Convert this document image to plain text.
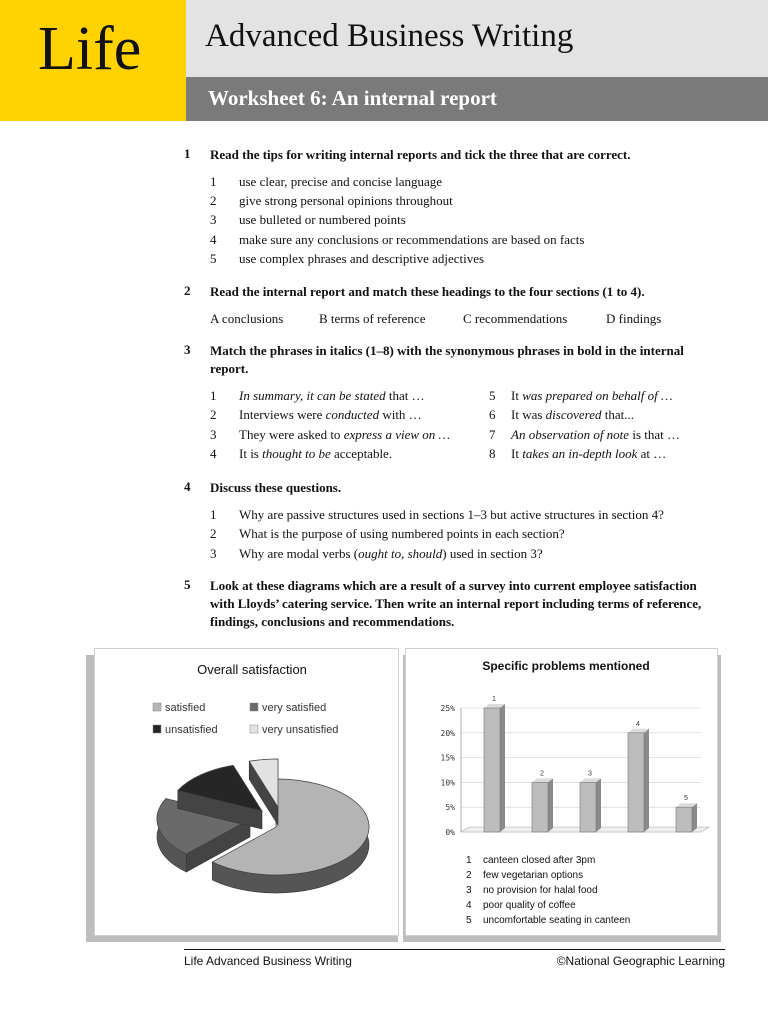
Life Advanced Business Writing
Worksheet 6: An internal report
1 Read the tips for writing internal reports and tick the three that are correct.
1 use clear, precise and concise language
2 give strong personal opinions throughout
3 use bulleted or numbered points
4 make sure any conclusions or recommendations are based on facts
5 use complex phrases and descriptive adjectives
2 Read the internal report and match these headings to the four sections (1 to 4).
A conclusions	B terms of reference	C recommendations	D findings
3 Match the phrases in italics (1–8) with the synonymous phrases in bold in the internal report.
1 In summary, it can be stated that …
2 Interviews were conducted with …
3 They were asked to express a view on …
4 It is thought to be acceptable.
5 It was prepared on behalf of …
6 It was discovered that...
7 An observation of note is that …
8 It takes an in-depth look at …
4 Discuss these questions.
1 Why are passive structures used in sections 1–3 but active structures in section 4?
2 What is the purpose of using numbered points in each section?
3 Why are modal verbs (ought to, should) used in section 3?
5 Look at these diagrams which are a result of a survey into current employee satisfaction with Lloyds’ catering service. Then write an internal report including terms of reference, findings, conclusions and recommendations.
Overall satisfaction
satisfied	very satisfied
unsatisfied	very unsatisfied
Specific problems mentioned
0%
5%
10%
15%
20%
25%
1
2	3
4
5
1 canteen closed after 3pm
2 few vegetarian options
3 no provision for halal food
4 poor quality of coffee
5 uncomfortable seating in canteen
Life Advanced Business Writing	©National Geographic Learning
